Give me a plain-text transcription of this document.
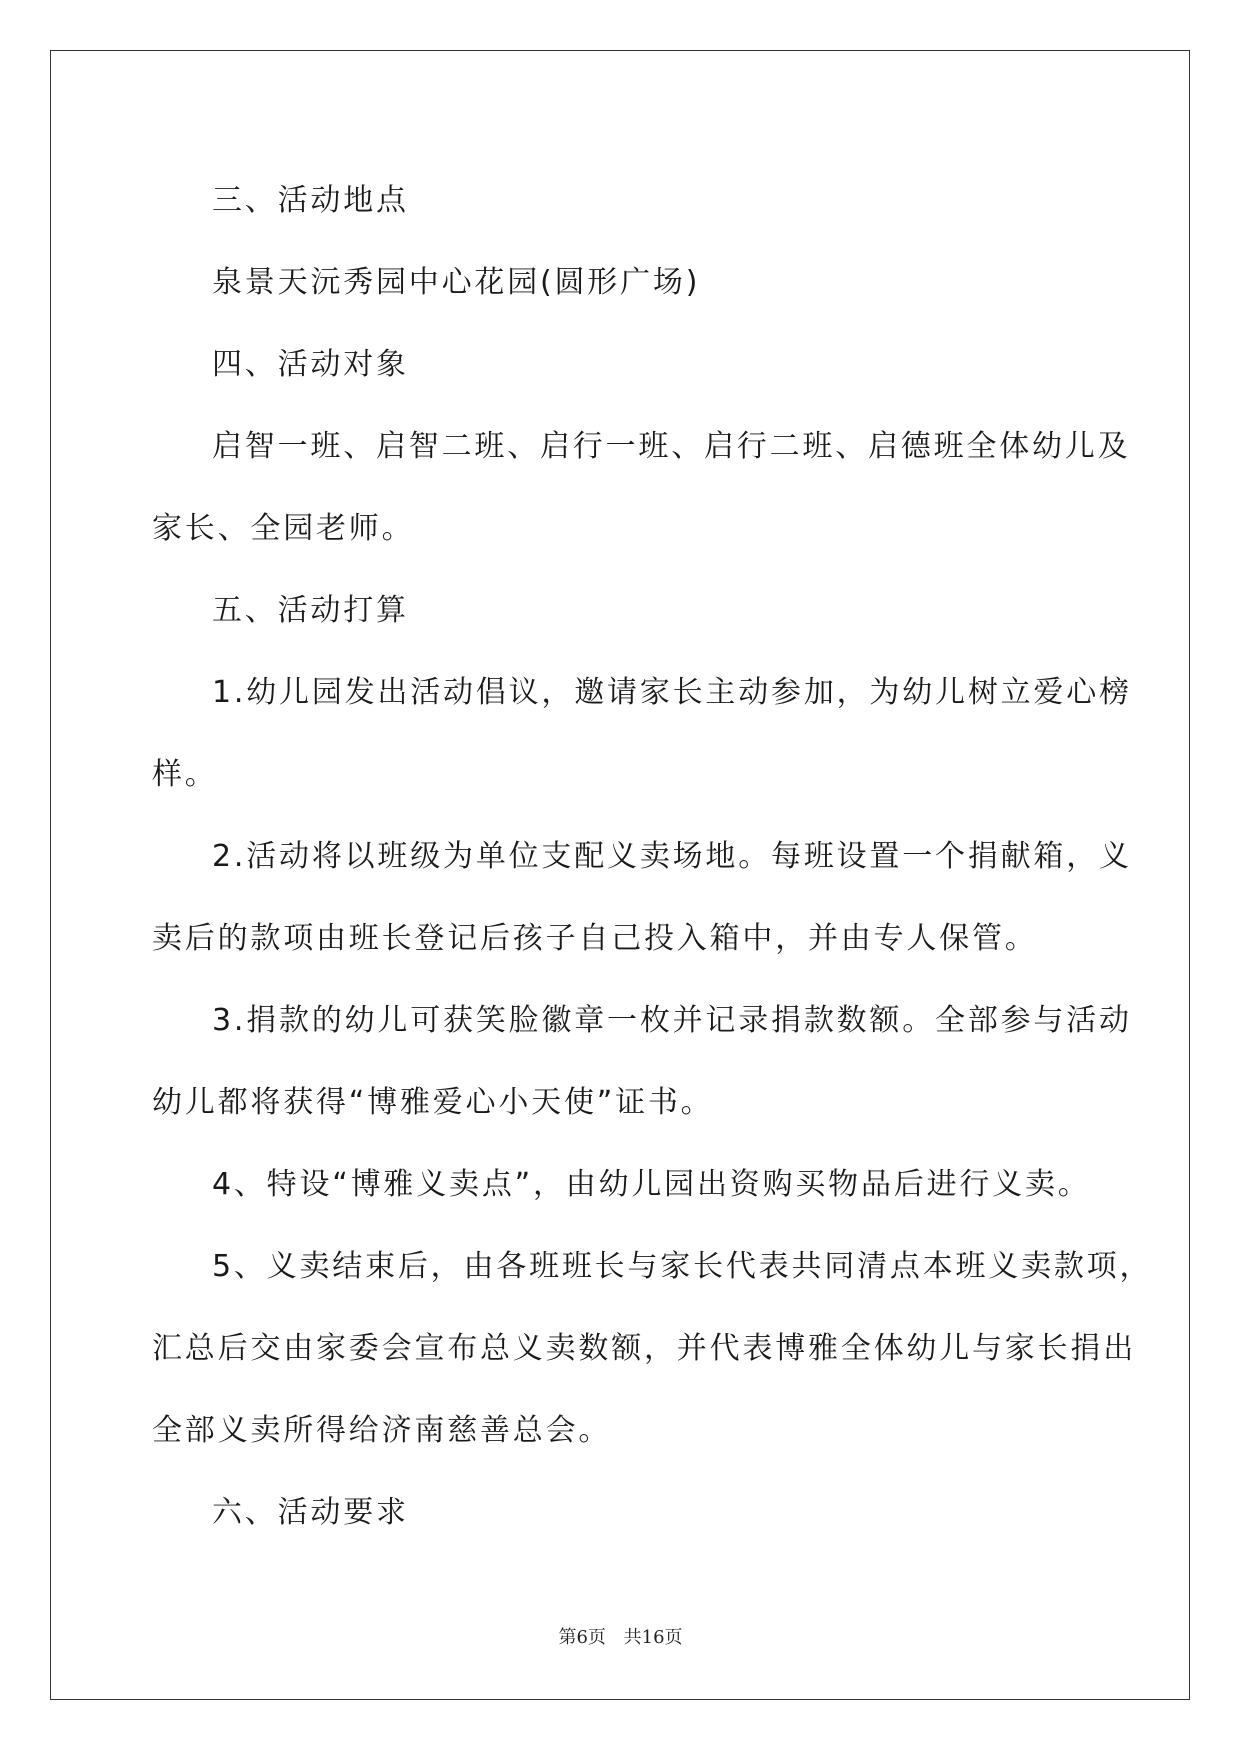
三、活动地点
泉景天沅秀园中心花园(圆形广场)
四、活动对象
启智一班、启智二班、启行一班、启行二班、启德班全体幼儿及
家长、全园老师。
五、活动打算
1.幼儿园发出活动倡议，邀请家长主动参加，为幼儿树立爱心榜
样。
2.活动将以班级为单位支配义卖场地。每班设置一个捐献箱，义
卖后的款项由班长登记后孩子自己投入箱中，并由专人保管。
3.捐款的幼儿可获笑脸徽章一枚并记录捐款数额。全部参与活动
幼儿都将获得“博雅爱心小天使”证书。
4、特设“博雅义卖点”，由幼儿园出资购买物品后进行义卖。
5、义卖结束后，由各班班长与家长代表共同清点本班义卖款项，
汇总后交由家委会宣布总义卖数额，并代表博雅全体幼儿与家长捐出
全部义卖所得给济南慈善总会。
六、活动要求
第6页 共16页
